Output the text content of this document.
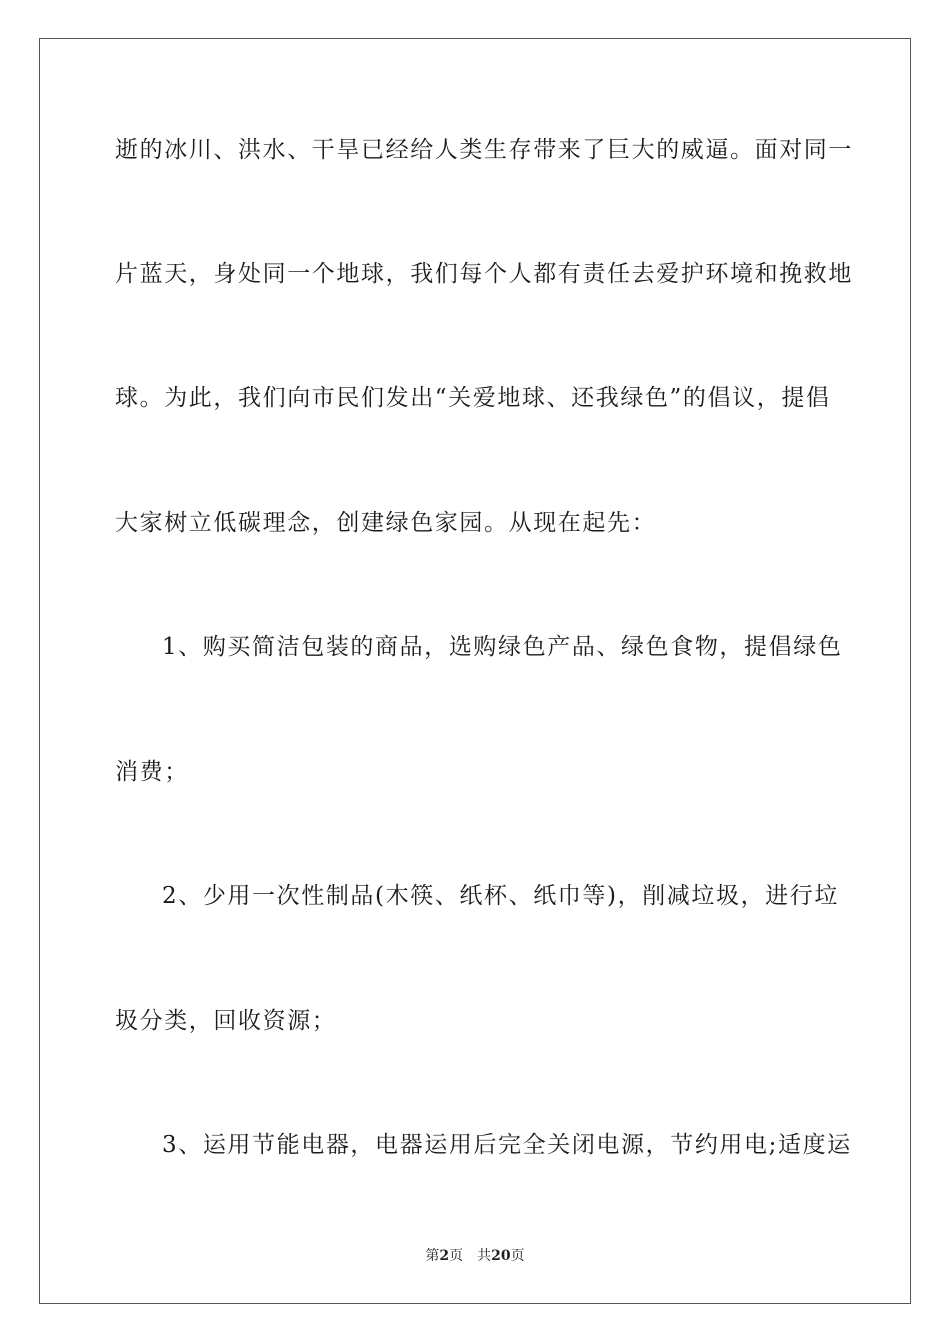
逝的冰川、洪水、干旱已经给人类生存带来了巨大的威逼。面对同一
片蓝天，身处同一个地球，我们每个人都有责任去爱护环境和挽救地
球。为此，我们向市民们发出“关爱地球、还我绿色”的倡议，提倡
大家树立低碳理念，创建绿色家园。从现在起先：
1、购买简洁包装的商品，选购绿色产品、绿色食物，提倡绿色
消费；
2、少用一次性制品(木筷、纸杯、纸巾等)，削减垃圾，进行垃
圾分类，回收资源；
3、运用节能电器，电器运用后完全关闭电源，节约用电;适度运
第2页 共20页
